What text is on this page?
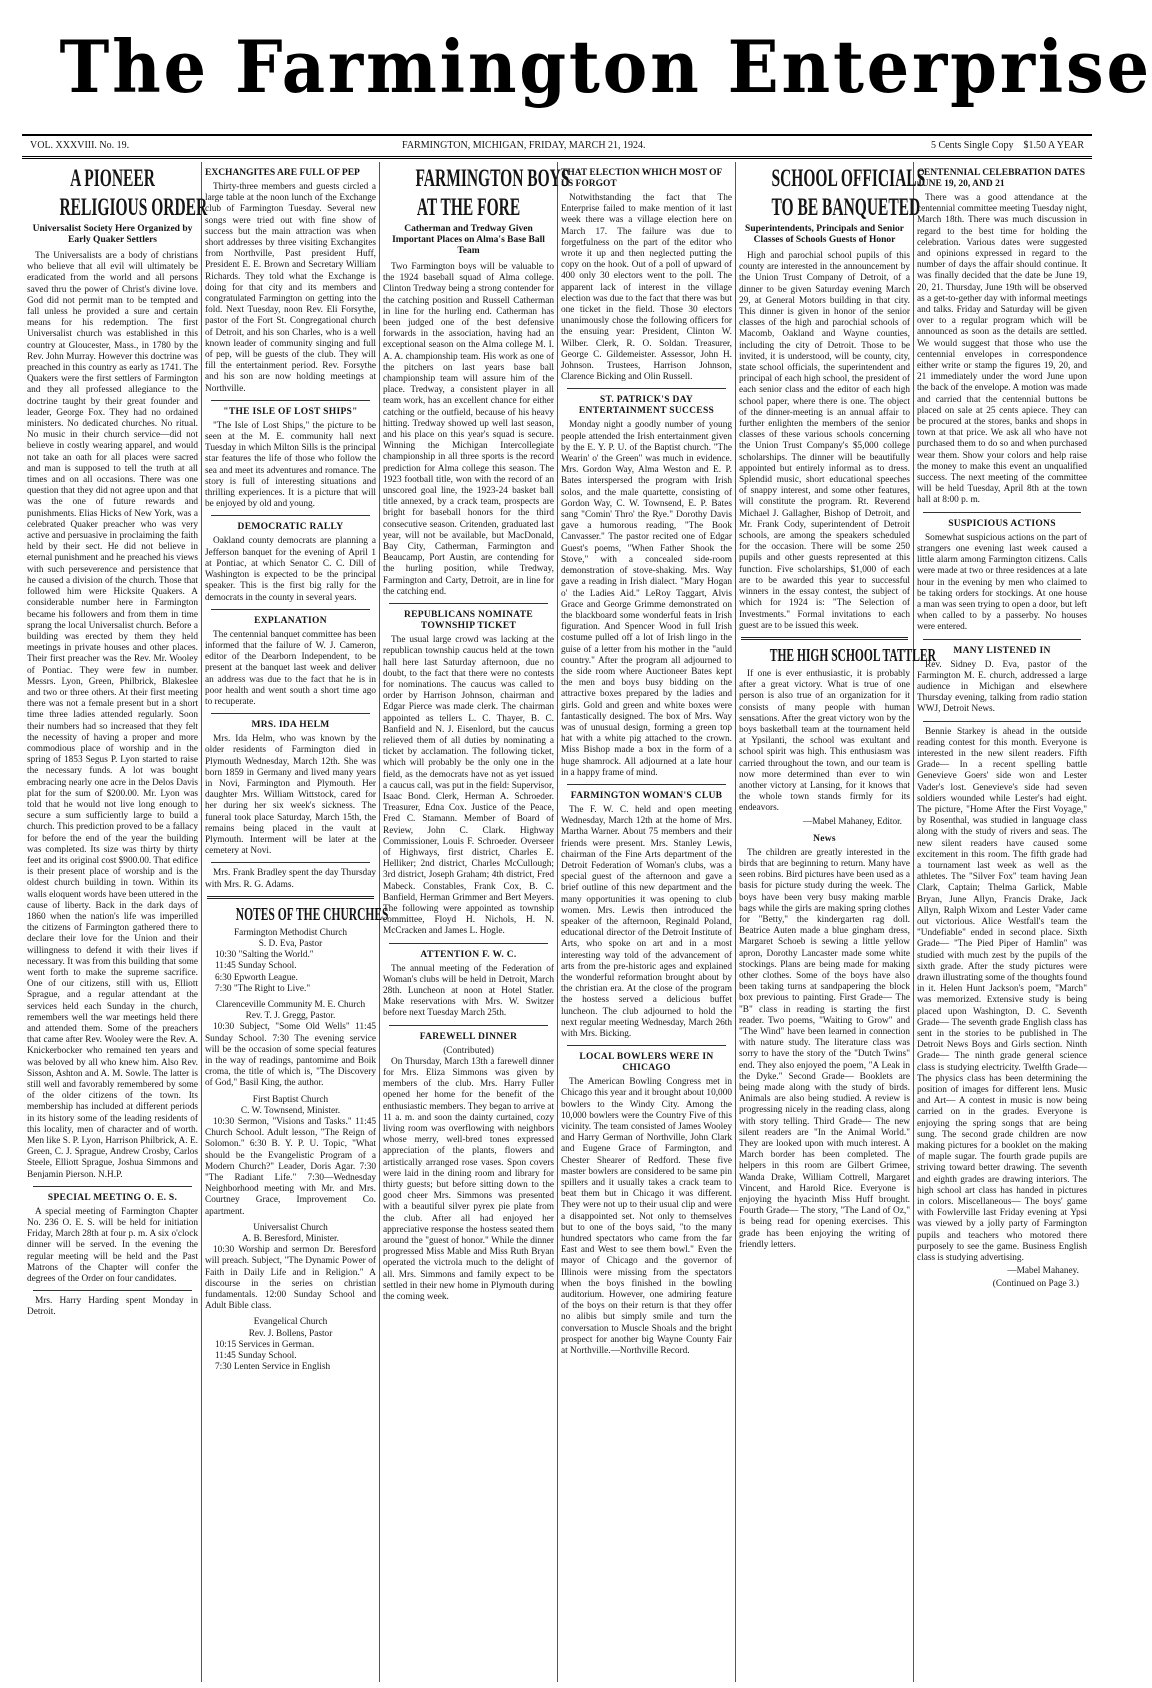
The Farmington Enterprise
VOL. XXXVIII. No. 19.	FARMINGTON, MICHIGAN, FRIDAY, MARCH 21, 1924.	5 Cents Single Copy    $1.50 A YEAR
A PIONEER
RELIGIOUS ORDER
Universalist Society Here Organized by Early Quaker Settlers

The Universalists are a body of christians who believe that all evil will ultimately be eradicated from the world and all persons saved thru the power of Christ's divine love. God did not permit man to be tempted and fall unless he provided a sure and certain means for his redemption. The first Universalist church was established in this country at Gloucester, Mass., in 1780 by the Rev. John Murray. However this doctrine was preached in this country as early as 1741. The Quakers were the first settlers of Farmington and they all professed allegiance to the doctrine taught by their great founder and leader, George Fox. They had no ordained ministers. No dedicated churches. No ritual. No music in their church service—did not believe in costly wearing apparel, and would not take an oath for all places were sacred and man is supposed to tell the truth at all times and on all occasions. There was one question that they did not agree upon and that was the one of future rewards and punishments. Elias Hicks of New York, was a celebrated Quaker preacher who was very active and persuasive in proclaiming the faith held by their sect. He did not believe in eternal punishment and he preached his views with such perseverence and persistence that he caused a division of the church. Those that followed him were Hicksite Quakers. A considerable number here in Farmington became his followers and from them in time sprang the local Universalist church. Before a building was erected by them they held meetings in private houses and other places. Their first preacher was the Rev. Mr. Wooley of Pontiac. They were few in number. Messrs. Lyon, Green, Philbrick, Blakeslee and two or three others. At their first meeting there was not a female present but in a short time three ladies attended regularly. Soon their numbers had so increased that they felt the necessity of having a proper and more commodious place of worship and in the spring of 1853 Segus P. Lyon started to raise the necessary funds. A lot was bought embracing nearly one acre in the Delos Davis plat for the sum of $200.00. Mr. Lyon was told that he would not live long enough to secure a sum sufficiently large to build a church. This prediction proved to be a fallacy for before the end of the year the building was completed. Its size was thirty by thirty feet and its original cost $900.00. That edifice is their present place of worship and is the oldest church building in town. Within its walls eloquent words have been uttered in the cause of liberty. Back in the dark days of 1860 when the nation's life was imperilled the citizens of Farmington gathered there to declare their love for the Union and their willingness to defend it with their lives if necessary. It was from this building that some went forth to make the supreme sacrifice. One of our citizens, still with us, Elliott Sprague, and a regular attendant at the services held each Sunday in the church, remembers well the war meetings held there and attended them. Some of the preachers that came after Rev. Wooley were the Rev. A. Knickerbocker who remained ten years and was beloved by all who knew him. Also Rev. Sisson, Ashton and A. M. Sowle. The latter is still well and favorably remembered by some of the older citizens of the town. Its membership has included at different periods in its history some of the leading residents of this locality, men of character and of worth. Men like S. P. Lyon, Harrison Philbrick, A. E. Green, C. J. Sprague, Andrew Crosby, Carlos Steele, Elliott Sprague, Joshua Simmons and Benjamin Pierson. N.H.P.

SPECIAL MEETING O. E. S.

A special meeting of Farmington Chapter No. 236 O. E. S. will be held for initiation Friday, March 28th at four p. m. A six o'clock dinner will be served. In the evening the regular meeting will be held and the Past Matrons of the Chapter will confer the degrees of the Order on four candidates.

Mrs. Harry Harding spent Monday in Detroit.

EXCHANGITES ARE FULL OF PEP

Thirty-three members and guests circled a large table at the noon lunch of the Exchange club of Farmington Tuesday. Several new songs were tried out with fine show of success but the main attraction was when short addresses by three visiting Exchangites from Northville, Past president Huff, President E. E. Brown and Secretary William Richards. They told what the Exchange is doing for that city and its members and congratulated Farmington on getting into the fold. Next Tuesday, noon Rev. Eli Forsythe, pastor of the Fort St. Congregational church of Detroit, and his son Charles, who is a well known leader of community singing and full of pep, will be guests of the club. They will fill the entertainment period. Rev. Forsythe and his son are now holding meetings at Northville.

"THE ISLE OF LOST SHIPS"

"The Isle of Lost Ships," the picture to be seen at the M. E. community hall next Tuesday in which Milton Sills is the principal star features the life of those who follow the sea and meet its adventures and romance. The story is full of interesting situations and thrilling experiences. It is a picture that will be enjoyed by old and young.

DEMOCRATIC RALLY

Oakland county democrats are planning a Jefferson banquet for the evening of April 1 at Pontiac, at which Senator C. C. Dill of Washington is expected to be the principal speaker. This is the first big rally for the democrats in the county in several years.

EXPLANATION

The centennial banquet committee has been informed that the failure of W. J. Cameron, editor of the Dearborn Independent, to be present at the banquet last week and deliver an address was due to the fact that he is in poor health and went south a short time ago to recuperate.

MRS. IDA HELM

Mrs. Ida Helm, who was known by the older residents of Farmington died in Plymouth Wednesday, March 12th. She was born 1859 in Germany and lived many years in Novi, Farmington and Plymouth. Her daughter Mrs. William Wittstock, cared for her during her six week's sickness. The funeral took place Saturday, March 15th, the remains being placed in the vault at Plymouth. Interment will be later at the cemetery at Novi.

Mrs. Frank Bradley spent the day Thursday with Mrs. R. G. Adams.

NOTES OF THE CHURCHES
Farmington Methodist Church
S. D. Eva, Pastor
10:30 "Salting the World."
11:45 Sunday School.
6:30 Epworth League.
7:30 "The Right to Live."
Clarenceville Community M. E. Church
Rev. T. J. Gregg, Pastor.

10:30 Subject, "Some Old Wells" 11:45 Sunday School. 7:30 The evening service will be the occasion of some special features in the way of readings, pantomime and Boik croma, the title of which is, "The Discovery of God," Basil King, the author.

First Baptist Church
C. W. Townsend, Minister.

10:30 Sermon, "Visions and Tasks." 11:45 Church School. Adult lesson, "The Reign of Solomon." 6:30 B. Y. P. U. Topic, "What should be the Evangelistic Program of a Modern Church?" Leader, Doris Agar. 7:30 "The Radiant Life." 7:30—Wednesday Neighborhood meeting with Mr. and Mrs. Courtney Grace, Improvement Co. apartment.

Universalist Church
A. B. Beresford, Minister.

10:30 Worship and sermon Dr. Beresford will preach. Subject, "The Dynamic Power of Faith in Daily Life and in Religion." A discourse in the series on christian fundamentals. 12:00 Sunday School and Adult Bible class.

Evangelical Church
Rev. J. Bollens, Pastor
10:15 Services in German.
11:45 Sunday School.
7:30 Lenten Service in English
FARMINGTON BOYS
AT THE FORE
Catherman and Tredway Given Important Places on Alma's Base Ball Team

Two Farmington boys will be valuable to the 1924 baseball squad of Alma college. Clinton Tredway being a strong contender for the catching position and Russell Catherman in line for the hurling end. Catherman has been judged one of the best defensive forwards in the association, having had an exceptional season on the Alma college M. I. A. A. championship team. His work as one of the pitchers on last years base ball championship team will assure him of the place. Tredway, a consistent player in all team work, has an excellent chance for either catching or the outfield, because of his heavy hitting. Tredway showed up well last season, and his place on this year's squad is secure. Winning the Michigan Intercollegiate championship in all three sports is the record prediction for Alma college this season. The 1923 football title, won with the record of an unscored goal line, the 1923-24 basket ball title annexed, by a crack team, prospects are bright for baseball honors for the third consecutive season. Critenden, graduated last year, will not be available, but MacDonald, Bay City, Catherman, Farmington and Beaucamp, Port Austin, are contending for the hurling position, while Tredway, Farmington and Carty, Detroit, are in line for the catching end.

REPUBLICANS NOMINATE TOWNSHIP TICKET

The usual large crowd was lacking at the republican township caucus held at the town hall here last Saturday afternoon, due no doubt, to the fact that there were no contests for nominations. The caucus was called to order by Harrison Johnson, chairman and Edgar Pierce was made clerk. The chairman appointed as tellers L. C. Thayer, B. C. Banfield and N. J. Eisenlord, but the caucus relieved them of all duties by nominating a ticket by acclamation. The following ticket, which will probably be the only one in the field, as the democrats have not as yet issued a caucus call, was put in the field: Supervisor, Isaac Bond. Clerk, Herman A. Schroeder. Treasurer, Edna Cox. Justice of the Peace, Fred C. Stamann. Member of Board of Review, John C. Clark. Highway Commissioner, Louis F. Schroeder. Overseer of Highways, first district, Charles E. Helliker; 2nd district, Charles McCullough; 3rd district, Joseph Graham; 4th district, Fred Mabeck. Constables, Frank Cox, B. C. Banfield, Herman Grimmer and Bert Meyers. The following were appointed as township committee, Floyd H. Nichols, H. N. McCracken and James L. Hogle.

ATTENTION F. W. C.

The annual meeting of the Federation of Woman's clubs will be held in Detroit, March 28th. Luncheon at noon at Hotel Statler. Make reservations with Mrs. W. Switzer before next Tuesday March 25th.

FAREWELL DINNER
(Contributed)

On Thursday, March 13th a farewell dinner for Mrs. Eliza Simmons was given by members of the club. Mrs. Harry Fuller opened her home for the benefit of the enthusiastic members. They began to arrive at 11 a. m. and soon the dainty curtained, cozy living room was overflowing with neighbors whose merry, well-bred tones expressed appreciation of the plants, flowers and artistically arranged rose vases. Spon covers were laid in the dining room and library for thirty guests; but before sitting down to the good cheer Mrs. Simmons was presented with a beautiful silver pyrex pie plate from the club. After all had enjoyed her appreciative response the hostess seated them around the "guest of honor." While the dinner progressed Miss Mable and Miss Ruth Bryan operated the victrola much to the delight of all. Mrs. Simmons and family expect to be settled in their new home in Plymouth during the coming week.

THAT ELECTION WHICH MOST OF US FORGOT

Notwithstanding the fact that The Enterprise failed to make mention of it last week there was a village election here on March 17. The failure was due to forgetfulness on the part of the editor who wrote it up and then neglected putting the copy on the hook. Out of a poll of upward of 400 only 30 electors went to the poll. The apparent lack of interest in the village election was due to the fact that there was but one ticket in the field. Those 30 electors unanimously chose the following officers for the ensuing year: President, Clinton W. Wilber. Clerk, R. O. Soldan. Treasurer, George C. Gildemeister. Assessor, John H. Johnson. Trustees, Harrison Johnson, Clarence Bicking and Olin Russell.

ST. PATRICK'S DAY ENTERTAINMENT SUCCESS

Monday night a goodly number of young people attended the Irish entertainment given by the E. Y. P. U. of the Baptist church. "The Wearin' o' the Green" was much in evidence. Mrs. Gordon Way, Alma Weston and E. P. Bates interspersed the program with Irish solos, and the male quartette, consisting of Gordon Way, C. W. Townsend, E. P. Bates sang "Comin' Thro' the Rye." Dorothy Davis gave a humorous reading, "The Book Canvasser." The pastor recited one of Edgar Guest's poems, "When Father Shook the Stove," with a concealed side-room demonstration of stove-shaking. Mrs. Way gave a reading in Irish dialect. "Mary Hogan o' the Ladies Aid." LeRoy Taggart, Alvis Grace and George Grimme demonstrated on the blackboard some wonderful feats in Irish figuration. And Spencer Wood in full Irish costume pulled off a lot of Irish lingo in the guise of a letter from his mother in the "auld country." After the program all adjourned to the side room where Auctioneer Bates kept the men and boys busy bidding on the attractive boxes prepared by the ladies and girls. Gold and green and white boxes were fantastically designed. The box of Mrs. Way was of unusual design, forming a green top hat with a white pig attached to the crown. Miss Bishop made a box in the form of a huge shamrock. All adjourned at a late hour in a happy frame of mind.

FARMINGTON WOMAN'S CLUB

The F. W. C. held and open meeting Wednesday, March 12th at the home of Mrs. Martha Warner. About 75 members and their friends were present. Mrs. Stanley Lewis, chairman of the Fine Arts department of the Detroit Federation of Woman's clubs, was a special guest of the afternoon and gave a brief outline of this new department and the many opportunities it was opening to club women. Mrs. Lewis then introduced the speaker of the afternoon, Reginald Poland, educational director of the Detroit Institute of Arts, who spoke on art and in a most interesting way told of the advancement of arts from the pre-historic ages and explained the wonderful reformation brought about by the christian era. At the close of the program the hostess served a delicious buffet luncheon. The club adjourned to hold the next regular meeting Wednesday, March 26th with Mrs. Bicking.

LOCAL BOWLERS WERE IN CHICAGO

The American Bowling Congress met in Chicago this year and it brought about 10,000 bowlers to the Windy City. Among the 10,000 bowlers were the Country Five of this vicinity. The team consisted of James Wooley and Harry German of Northville, John Clark and Eugene Grace of Farmington, and Chester Shearer of Redford. These five master bowlers are considered to be same pin spillers and it usually takes a crack team to beat them but in Chicago it was different. They were not up to their usual clip and were a disappointed set. Not only to themselves but to one of the boys said, "to the many hundred spectators who came from the far East and West to see them bowl." Even the mayor of Chicago and the governor of Illinois were missing from the spectators when the boys finished in the bowling auditorium. However, one admiring feature of the boys on their return is that they offer no alibis but simply smile and turn the conversation to Muscle Shoals and the bright prospect for another big Wayne County Fair at Northville.—Northville Record.

SCHOOL OFFICIALS
TO BE BANQUETED
Superintendents, Principals and Senior Classes of Schools Guests of Honor

High and parochial school pupils of this county are interested in the announcement by the Union Trust Company of Detroit, of a dinner to be given Saturday evening March 29, at General Motors building in that city. This dinner is given in honor of the senior classes of the high and parochial schools of Macomb, Oakland and Wayne counties, including the city of Detroit. Those to be invited, it is understood, will be county, city, state school officials, the superintendent and principal of each high school, the president of each senior class and the editor of each high school paper, where there is one. The object of the dinner-meeting is an annual affair to further enlighten the members of the senior classes of these various schools concerning the Union Trust Company's $5,000 college scholarships. The dinner will be beautifully appointed but entirely informal as to dress. Splendid music, short educational speeches of snappy interest, and some other features, will constitute the program. Rt. Reverend Michael J. Gallagher, Bishop of Detroit, and Mr. Frank Cody, superintendent of Detroit schools, are among the speakers scheduled for the occasion. There will be some 250 pupils and other guests represented at this function. Five scholarships, $1,000 of each are to be awarded this year to successful winners in the essay contest, the subject of which for 1924 is: "The Selection of Investments." Formal invitations to each guest are to be issued this week.

THE HIGH SCHOOL TATTLER

If one is ever enthusiastic, it is probably after a great victory. What is true of one person is also true of an organization for it consists of many people with human sensations. After the great victory won by the boys basketball team at the tournament held at Ypsilanti, the school was exultant and school spirit was high. This enthusiasm was carried throughout the town, and our team is now more determined than ever to win another victory at Lansing, for it knows that the whole town stands firmly for its endeavors.

—Mabel Mahaney, Editor.
News

The children are greatly interested in the birds that are beginning to return. Many have seen robins. Bird pictures have been used as a basis for picture study during the week. The boys have been very busy making marble bags while the girls are making spring clothes for "Betty," the kindergarten rag doll. Beatrice Auten made a blue gingham dress, Margaret Schoeb is sewing a little yellow apron, Dorothy Lancaster made some white stockings. Plans are being made for making other clothes. Some of the boys have also been taking turns at sandpapering the block box previous to painting. First Grade— The "B" class in reading is starting the first reader. Two poems, "Waiting to Grow" and "The Wind" have been learned in connection with nature study. The literature class was sorry to have the story of the "Dutch Twins" end. They also enjoyed the poem, "A Leak in the Dyke." Second Grade— Booklets are being made along with the study of birds. Animals are also being studied. A review is progressing nicely in the reading class, along with story telling. Third Grade— The new silent readers are "In the Animal World." They are looked upon with much interest. A March border has been completed. The helpers in this room are Gilbert Grimee, Wanda Drake, William Cottrell, Margaret Vincent, and Harold Rice. Everyone is enjoying the hyacinth Miss Huff brought. Fourth Grade— The story, "The Land of Oz," is being read for opening exercises. This grade has been enjoying the writing of friendly letters.

CENTENNIAL CELEBRATION DATES JUNE 19, 20, AND 21

There was a good attendance at the centennial committee meeting Tuesday night, March 18th. There was much discussion in regard to the best time for holding the celebration. Various dates were suggested and opinions expressed in regard to the number of days the affair should continue. It was finally decided that the date be June 19, 20, 21. Thursday, June 19th will be observed as a get-to-gether day with informal meetings and talks. Friday and Saturday will be given over to a regular program which will be announced as soon as the details are settled. We would suggest that those who use the centennial envelopes in correspondence either write or stamp the figures 19, 20, and 21 immediately under the word June upon the back of the envelope. A motion was made and carried that the centennial buttons be placed on sale at 25 cents apiece. They can be procured at the stores, banks and shops in town at that price. We ask all who have not purchased them to do so and when purchased wear them. Show your colors and help raise the money to make this event an unqualified success. The next meeting of the committee will be held Tuesday, April 8th at the town hall at 8:00 p. m.

SUSPICIOUS ACTIONS

Somewhat suspicious actions on the part of strangers one evening last week caused a little alarm among Farmington citizens. Calls were made at two or three residences at a late hour in the evening by men who claimed to be taking orders for stockings. At one house a man was seen trying to open a door, but left when called to by a passerby. No houses were entered.

MANY LISTENED IN

Rev. Sidney D. Eva, pastor of the Farmington M. E. church, addressed a large audience in Michigan and elsewhere Thursday evening, talking from radio station WWJ, Detroit News.

Bennie Starkey is ahead in the outside reading contest for this month. Everyone is interested in the new silent readers. Fifth Grade— In a recent spelling battle Genevieve Goers' side won and Lester Vader's lost. Genevieve's side had seven soldiers wounded while Lester's had eight. The picture, "Home After the First Voyage," by Rosenthal, was studied in language class along with the study of rivers and seas. The new silent readers have caused some excitement in this room. The fifth grade had a tournament last week as well as the athletes. The "Silver Fox" team having Jean Clark, Captain; Thelma Garlick, Mable Bryan, June Allyn, Francis Drake, Jack Allyn, Ralph Wixom and Lester Vader came out victorious. Alice Westfall's team the "Undefiable" ended in second place. Sixth Grade— "The Pied Piper of Hamlin" was studied with much zest by the pupils of the sixth grade. After the study pictures were drawn illustrating some of the thoughts found in it. Helen Hunt Jackson's poem, "March" was memorized. Extensive study is being placed upon Washington, D. C. Seventh Grade— The seventh grade English class has sent in the stories to be published in The Detroit News Boys and Girls section. Ninth Grade— The ninth grade general science class is studying electricity. Twelfth Grade— The physics class has been determining the position of images for different lens. Music and Art— A contest in music is now being carried on in the grades. Everyone is enjoying the spring songs that are being sung. The second grade children are now making pictures for a booklet on the making of maple sugar. The fourth grade pupils are striving toward better drawing. The seventh and eighth grades are drawing interiors. The high school art class has handed in pictures in colors. Miscellaneous— The boys' game with Fowlerville last Friday evening at Ypsi was viewed by a jolly party of Farmington pupils and teachers who motored there purposely to see the game. Business English class is studying advertising.

—Mabel Mahaney.
(Continued on Page 3.)
